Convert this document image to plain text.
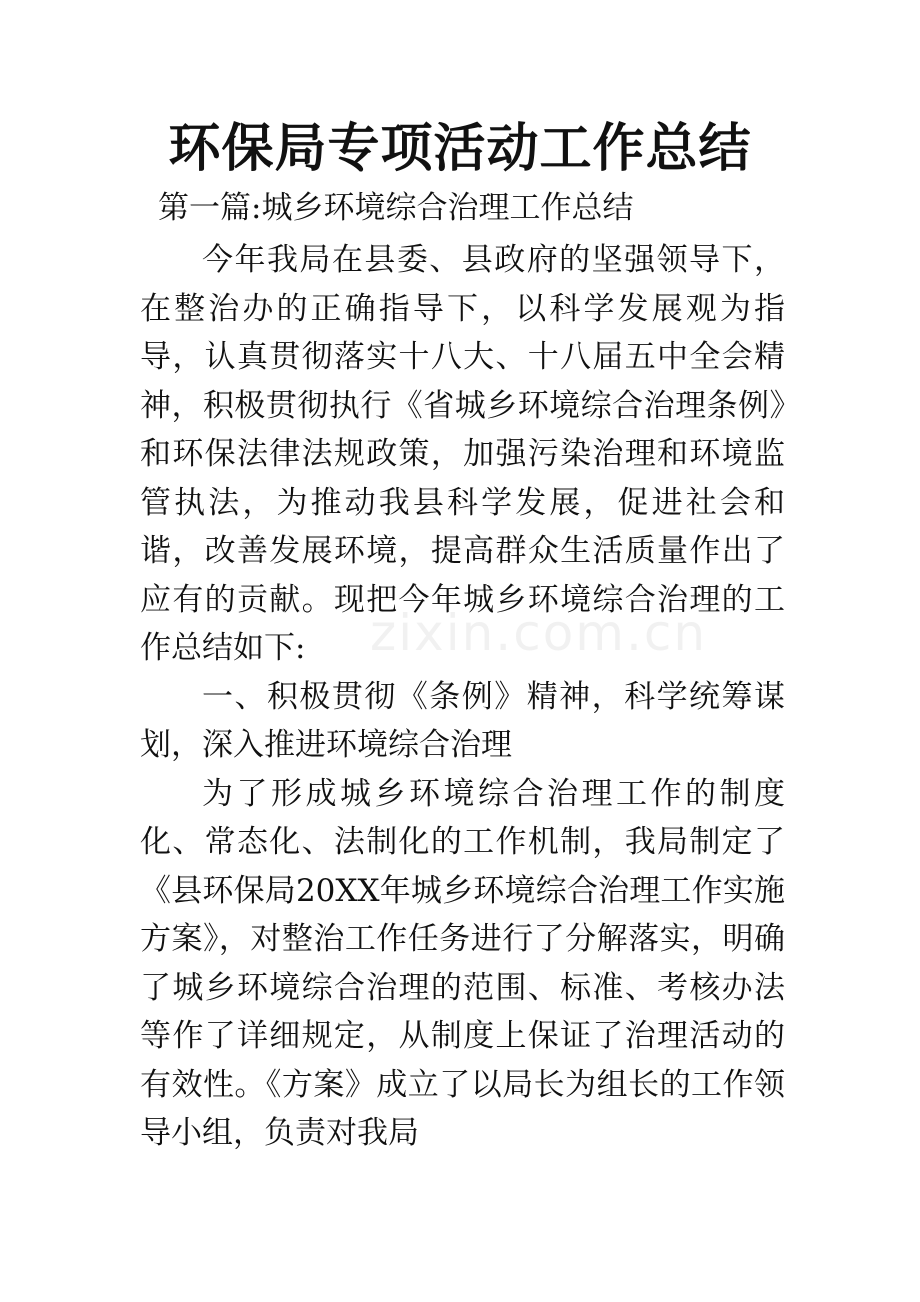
环保局专项活动工作总结
第一篇:城乡环境综合治理工作总结

今年我局在县委、县政府的坚强领导下，在整治办的正确指导下，以科学发展观为指导，认真贯彻落实十八大、十八届五中全会精神，积极贯彻执行《省城乡环境综合治理条例》和环保法律法规政策，加强污染治理和环境监管执法，为推动我县科学发展，促进社会和谐，改善发展环境，提高群众生活质量作出了应有的贡献。现把今年城乡环境综合治理的工作总结如下:

一、积极贯彻《条例》精神，科学统筹谋划，深入推进环境综合治理

为了形成城乡环境综合治理工作的制度化、常态化、法制化的工作机制，我局制定了《县环保局20XX年城乡环境综合治理工作实施方案》，对整治工作任务进行了分解落实，明确了城乡环境综合治理的范围、标准、考核办法等作了详细规定，从制度上保证了治理活动的有效性。《方案》成立了以局长为组长的工作领导小组，负责对我局

zixin.com.cn
